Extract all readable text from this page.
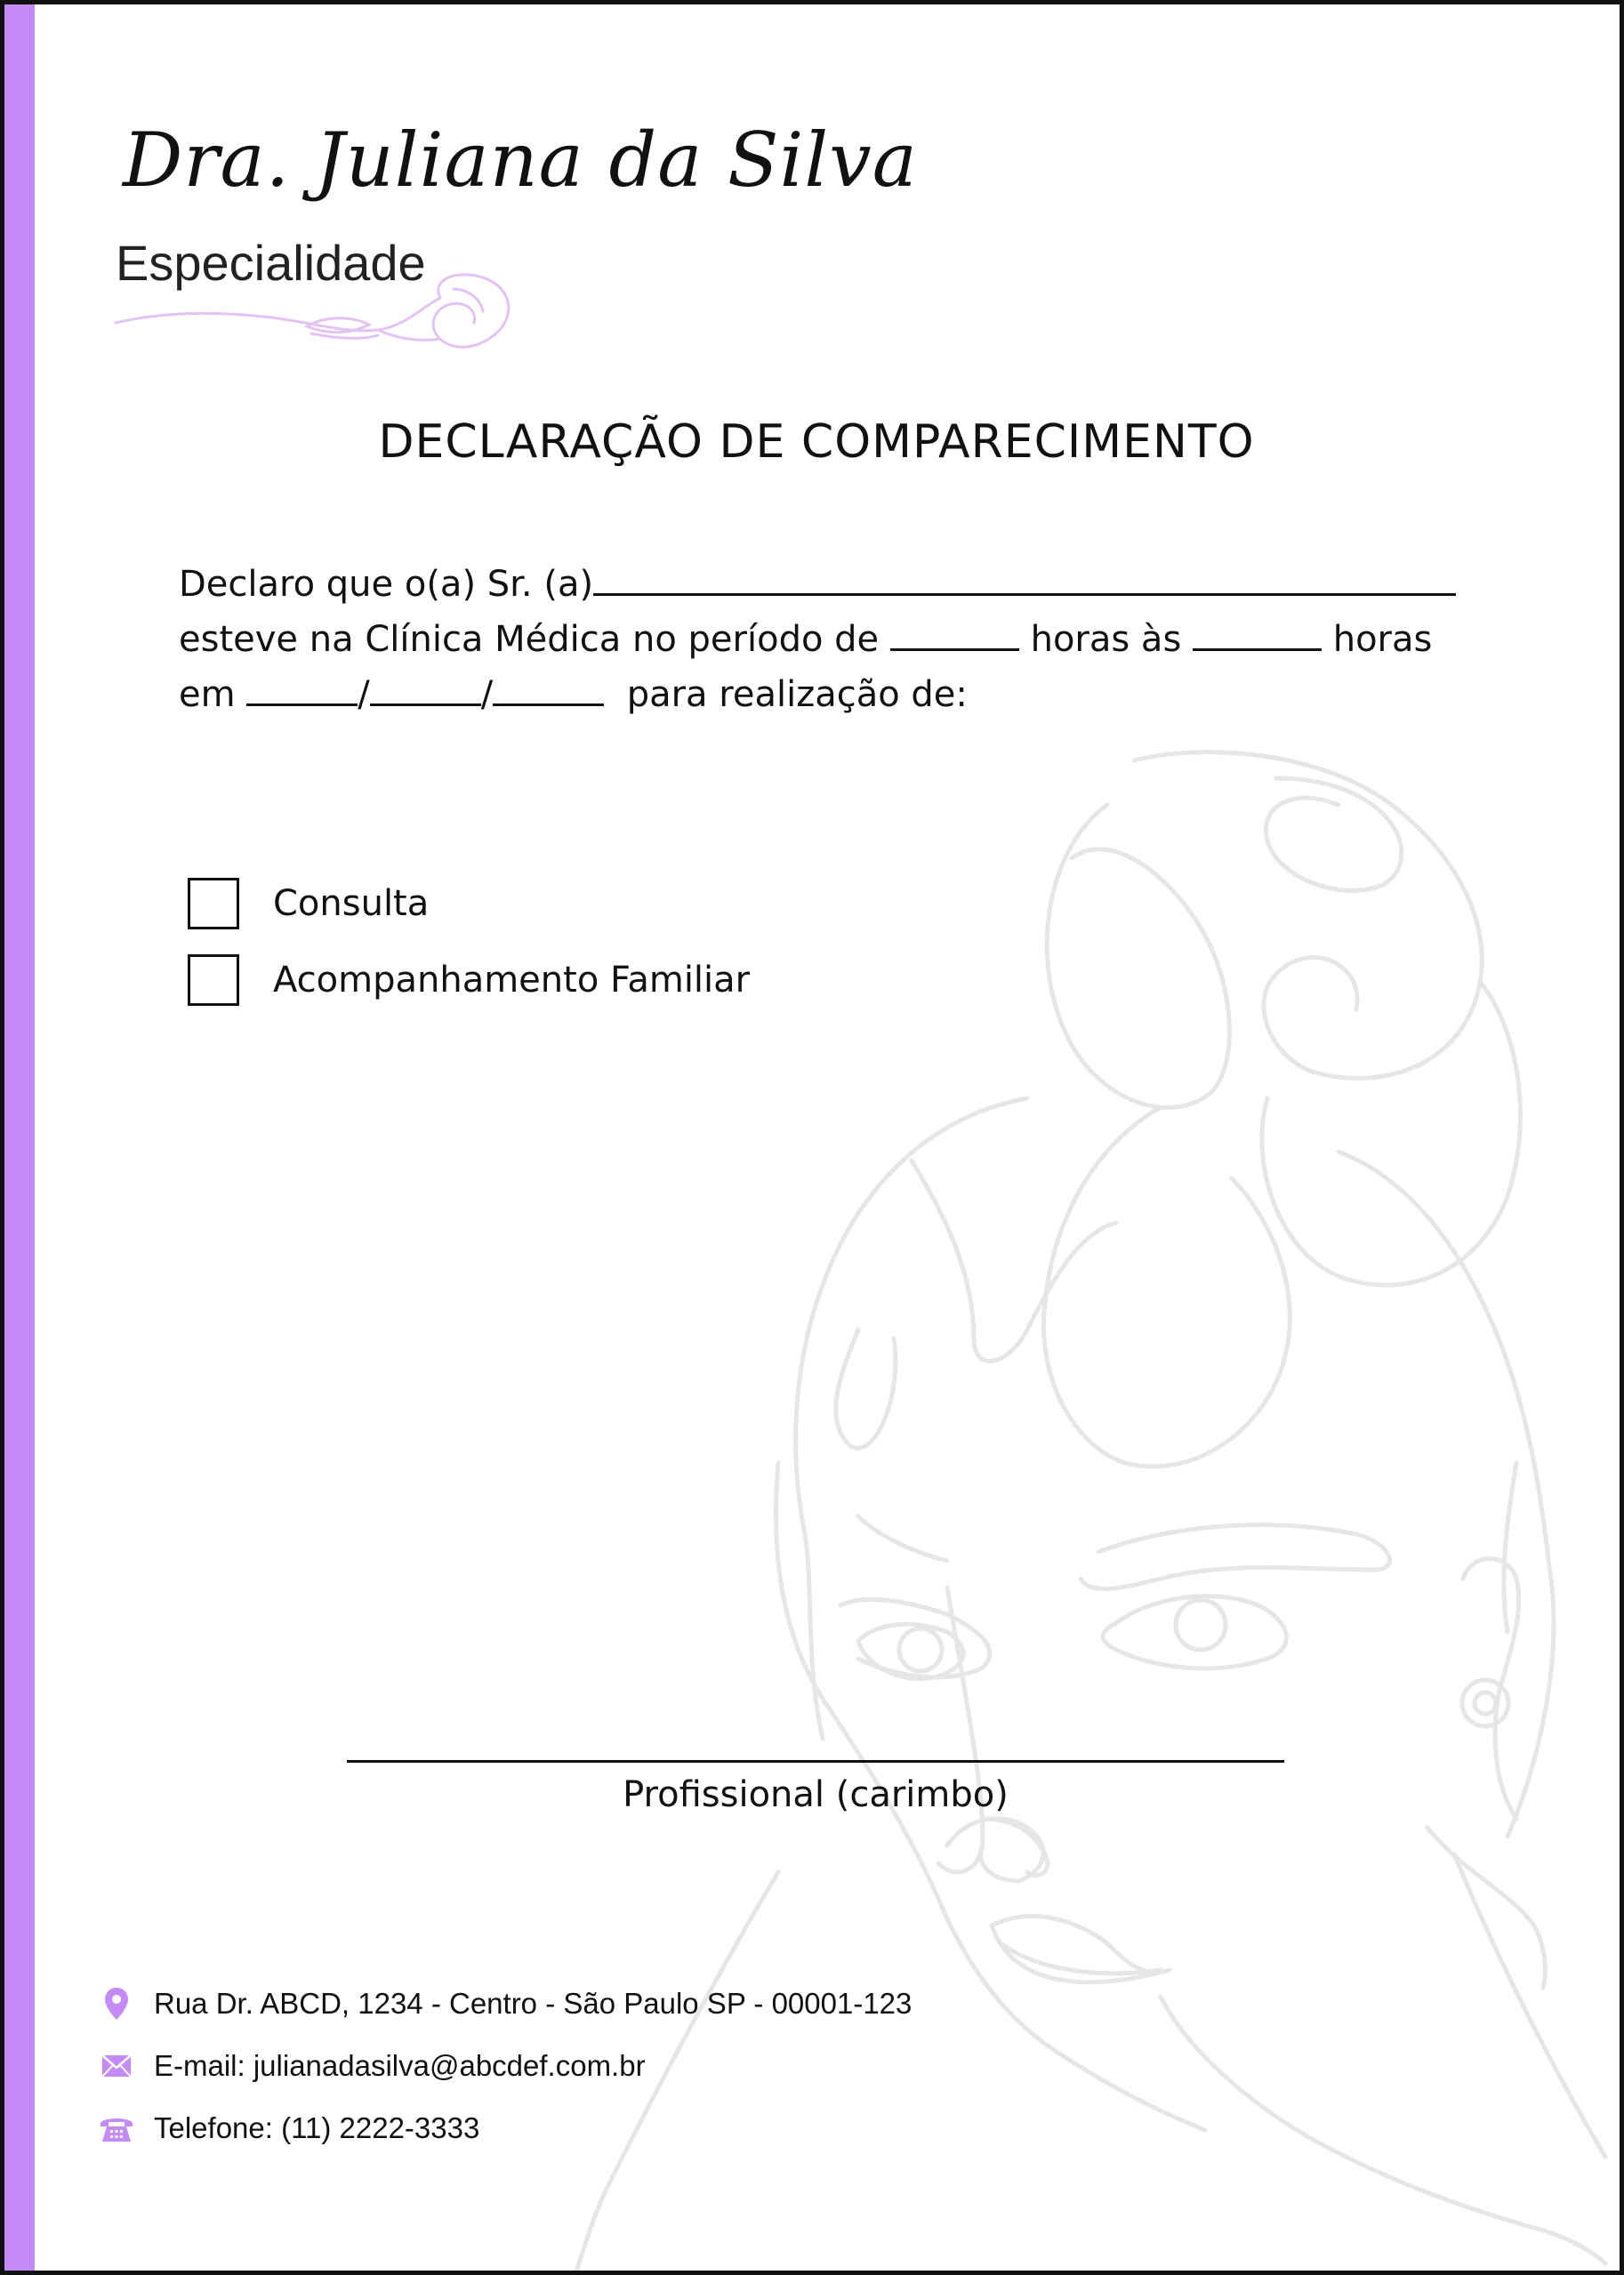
Dra. Juliana da Silva
Especialidade
DECLARAÇÃO DE COMPARECIMENTO
Declaro que o(a) Sr. (a)
esteve na Clínica Médica no período de	horas às	horas
em	/	/	para realização de:
Consulta
Acompanhamento Familiar
Profissional (carimbo)
Rua Dr. ABCD, 1234 - Centro - São Paulo SP - 00001-123
E-mail: julianadasilva@abcdef.com.br
Telefone: (11) 2222-3333
